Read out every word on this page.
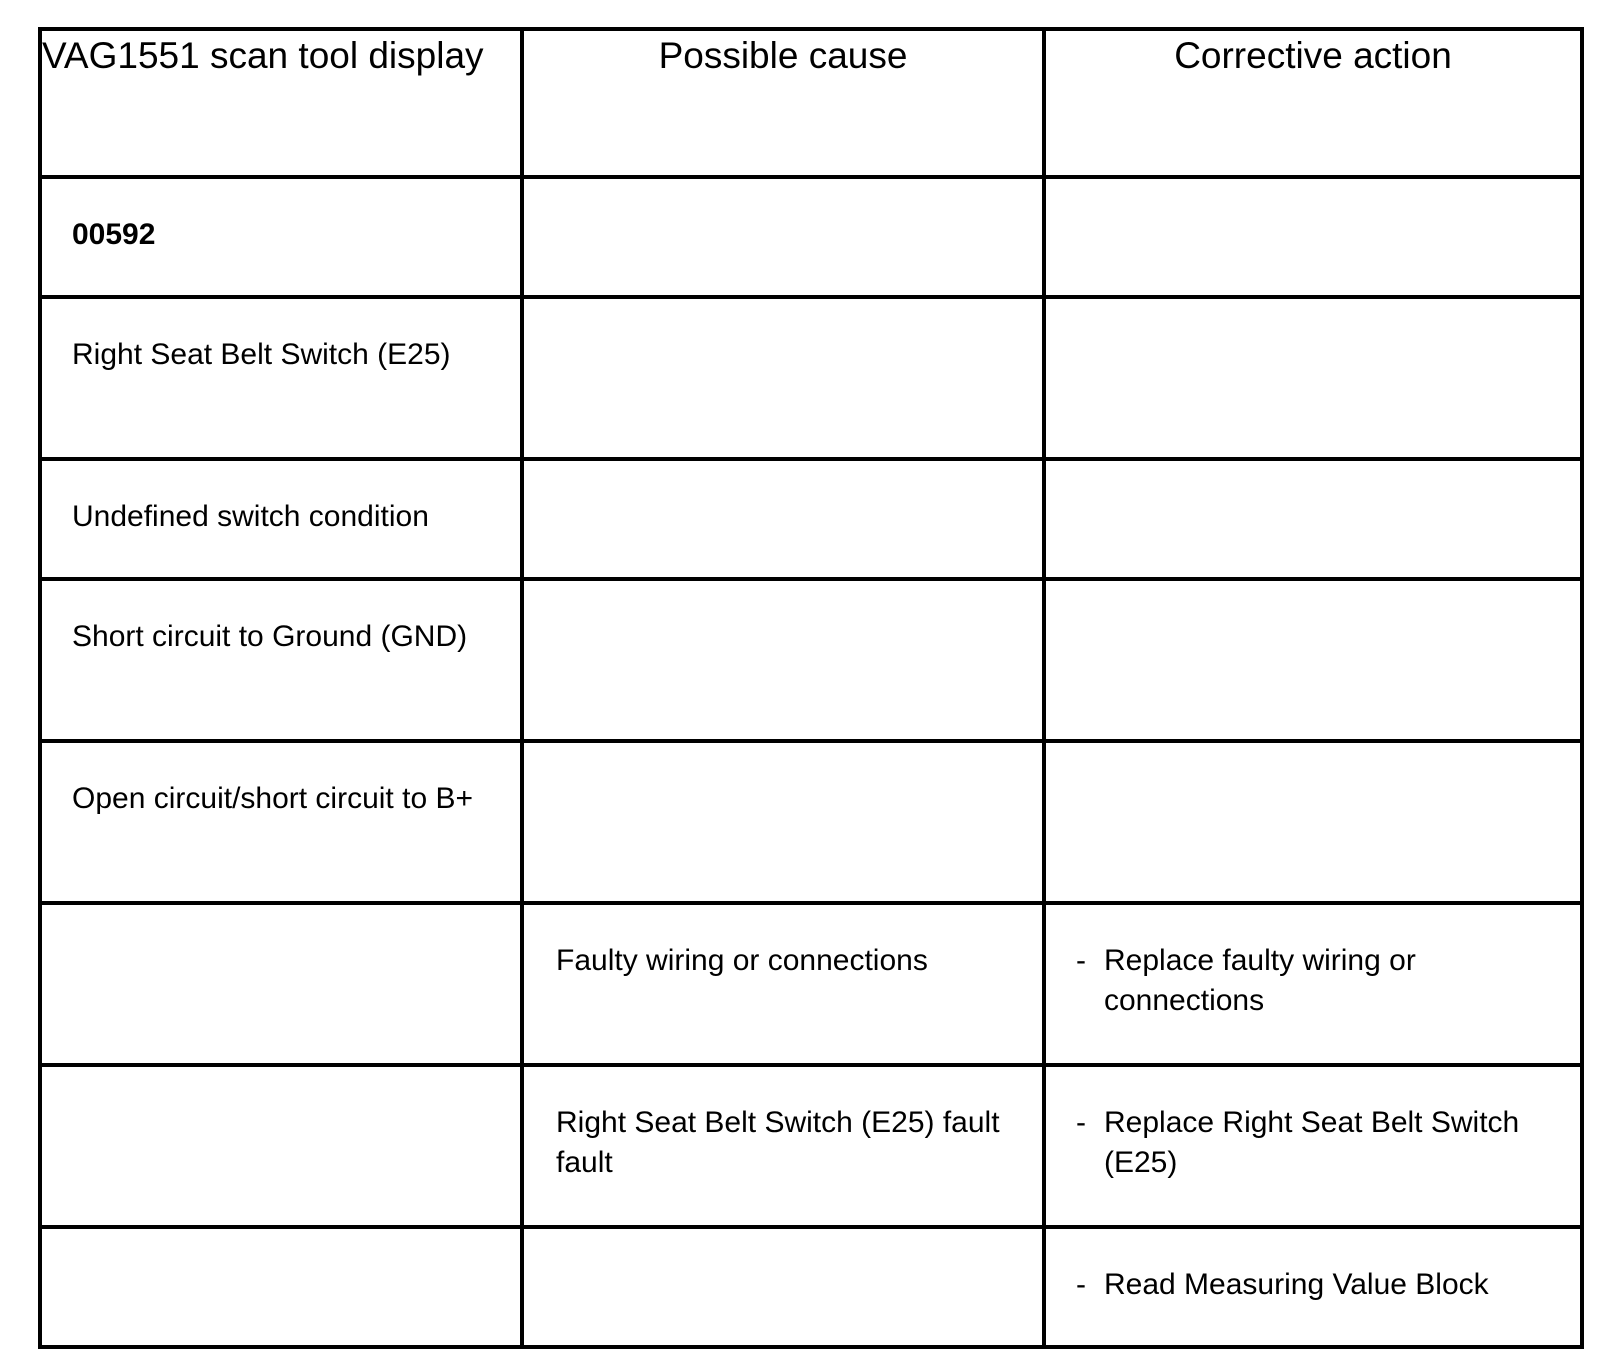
VAG1551 scan tool display	Possible cause	Corrective action

00592		

Right Seat Belt Switch (E25)		

Undefined switch condition		

Short circuit to Ground (GND)		

Open circuit/short circuit to B+		

	Faulty wiring or connections	- Replace faulty wiring or connections

	Right Seat Belt Switch (E25) fault fault	- Replace Right Seat Belt Switch (E25)

		- Read Measuring Value Block
